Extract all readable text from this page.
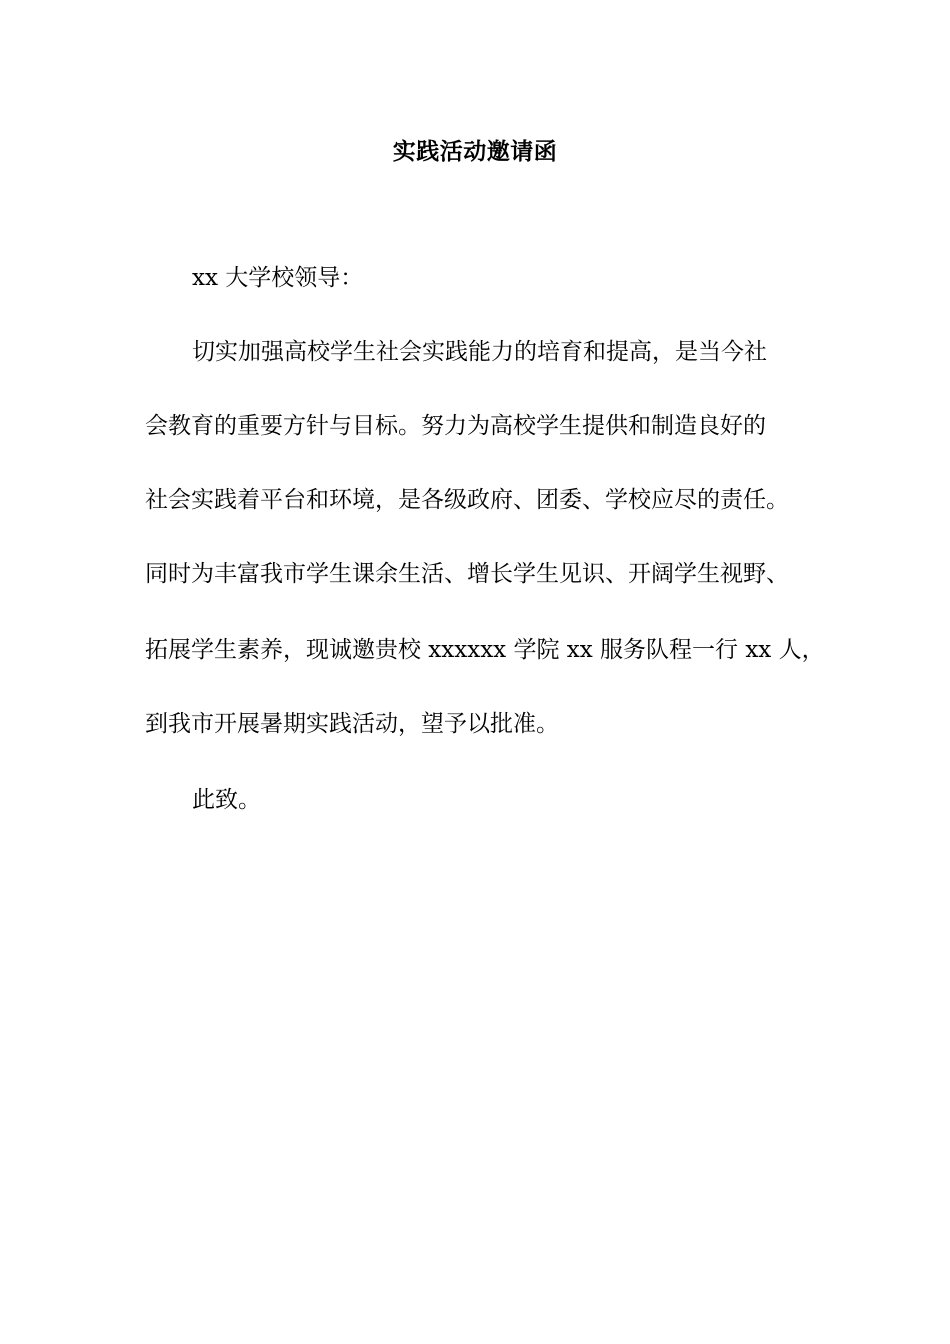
实践活动邀请函
xx 大学校领导：
切实加强高校学生社会实践能力的培育和提高，是当今社
会教育的重要方针与目标。努力为高校学生提供和制造良好的
社会实践着平台和环境，是各级政府、团委、学校应尽的责任。
同时为丰富我市学生课余生活、增长学生见识、开阔学生视野、
拓展学生素养，现诚邀贵校 xxxxxx 学院 xx 服务队程一行 xx 人，
到我市开展暑期实践活动，望予以批准。
此致。
